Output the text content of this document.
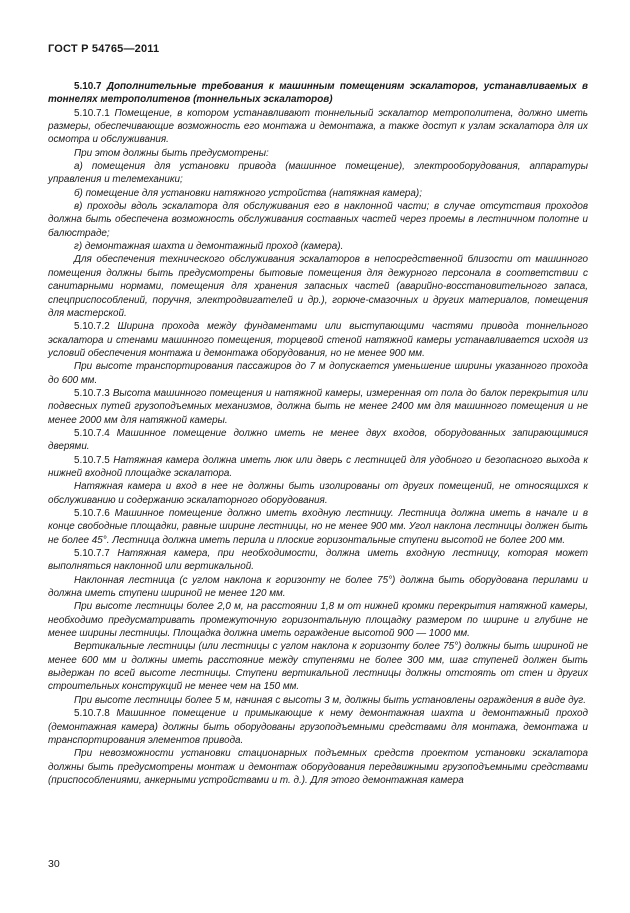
ГОСТ Р 54765—2011

5.10.7 Дополнительные требования к машинным помещениям эскалаторов, устанавливаемых в тоннелях метрополитенов (тоннельных эскалаторов)

5.10.7.1 Помещение, в котором устанавливают тоннельный эскалатор метрополитена, должно иметь размеры, обеспечивающие возможность его монтажа и демонтажа, а также доступ к узлам эскалатора для их осмотра и обслуживания.

При этом должны быть предусмотрены:

а) помещения для установки привода (машинное помещение), электрооборудования, аппаратуры управления и телемеханики;

б) помещение для установки натяжного устройства (натяжная камера);

в) проходы вдоль эскалатора для обслуживания его в наклонной части; в случае отсутствия проходов должна быть обеспечена возможность обслуживания составных частей через проемы в лестничном полотне и балюстраде;

г) демонтажная шахта и демонтажный проход (камера).

Для обеспечения технического обслуживания эскалаторов в непосредственной близости от машинного помещения должны быть предусмотрены бытовые помещения для дежурного персонала в соответствии с санитарными нормами, помещения для хранения запасных частей (аварийно-восстановительного запаса, спецприспособлений, поручня, электродвигателей и др.), горюче-смазочных и других материалов, помещения для мастерской.

5.10.7.2 Ширина прохода между фундаментами или выступающими частями привода тоннельного эскалатора и стенами машинного помещения, торцевой стеной натяжной камеры устанавливается исходя из условий обеспечения монтажа и демонтажа оборудования, но не менее 900 мм.

При высоте транспортирования пассажиров до 7 м допускается уменьшение ширины указанного прохода до 600 мм.

5.10.7.3 Высота машинного помещения и натяжной камеры, измеренная от пола до балок перекрытия или подвесных путей грузоподъемных механизмов, должна быть не менее 2400 мм для машинного помещения и не менее 2000 мм для натяжной камеры.

5.10.7.4 Машинное помещение должно иметь не менее двух входов, оборудованных запирающимися дверями.

5.10.7.5 Натяжная камера должна иметь люк или дверь с лестницей для удобного и безопасного выхода к нижней входной площадке эскалатора.

Натяжная камера и вход в нее не должны быть изолированы от других помещений, не относящихся к обслуживанию и содержанию эскалаторного оборудования.

5.10.7.6 Машинное помещение должно иметь входную лестницу. Лестница должна иметь в начале и в конце свободные площадки, равные ширине лестницы, но не менее 900 мм. Угол наклона лестницы должен быть не более 45°. Лестница должна иметь перила и плоские горизонтальные ступени высотой не более 200 мм.

5.10.7.7 Натяжная камера, при необходимости, должна иметь входную лестницу, которая может выполняться наклонной или вертикальной.

Наклонная лестница (с углом наклона к горизонту не более 75°) должна быть оборудована перилами и должна иметь ступени шириной не менее 120 мм.

При высоте лестницы более 2,0 м, на расстоянии 1,8 м от нижней кромки перекрытия натяжной камеры, необходимо предусматривать промежуточную горизонтальную площадку размером по ширине и глубине не менее ширины лестницы. Площадка должна иметь ограждение высотой 900 — 1000 мм.

Вертикальные лестницы (или лестницы с углом наклона к горизонту более 75°) должны быть шириной не менее 600 мм и должны иметь расстояние между ступенями не более 300 мм, шаг ступеней должен быть выдержан по всей высоте лестницы. Ступени вертикальной лестницы должны отстоять от стен и других строительных конструкций не менее чем на 150 мм.

При высоте лестницы более 5 м, начиная с высоты 3 м, должны быть установлены ограждения в виде дуг.

5.10.7.8 Машинное помещение и примыкающие к нему демонтажная шахта и демонтажный проход (демонтажная камера) должны быть оборудованы грузоподъемными средствами для монтажа, демонтажа и транспортирования элементов привода.

При невозможности установки стационарных подъемных средств проектом установки эскалатора должны быть предусмотрены монтаж и демонтаж оборудования передвижными грузоподъемными средствами (приспособлениями, анкерными устройствами и т. д.). Для этого демонтажная камера

30
